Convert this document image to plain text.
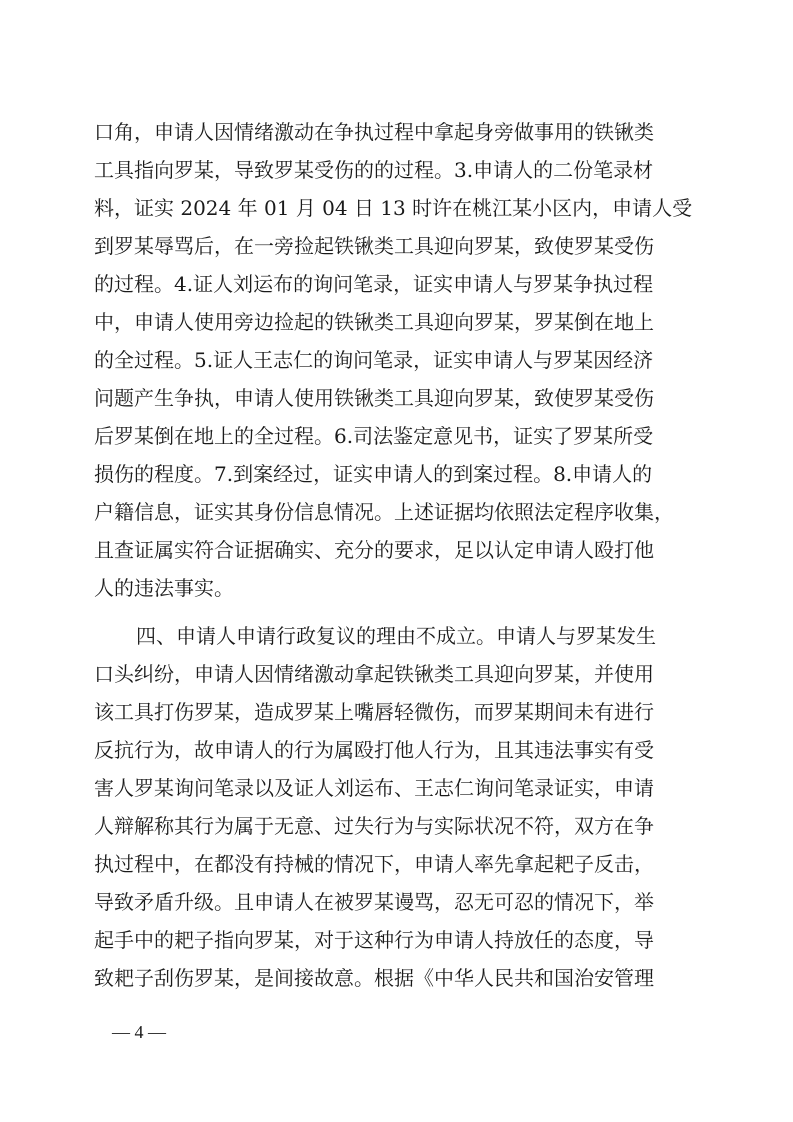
口角，申请人因情绪激动在争执过程中拿起身旁做事用的铁锹类
工具指向罗某，导致罗某受伤的的过程。3.申请人的二份笔录材
料，证实 2024 年 01 月 04 日 13 时许在桃江某小区内，申请人受
到罗某辱骂后，在一旁捡起铁锹类工具迎向罗某，致使罗某受伤
的过程。4.证人刘运布的询问笔录，证实申请人与罗某争执过程
中，申请人使用旁边捡起的铁锹类工具迎向罗某，罗某倒在地上
的全过程。5.证人王志仁的询问笔录，证实申请人与罗某因经济
问题产生争执，申请人使用铁锹类工具迎向罗某，致使罗某受伤
后罗某倒在地上的全过程。6.司法鉴定意见书，证实了罗某所受
损伤的程度。7.到案经过，证实申请人的到案过程。8.申请人的
户籍信息，证实其身份信息情况。上述证据均依照法定程序收集，
且查证属实符合证据确实、充分的要求，足以认定申请人殴打他
人的违法事实。
四、申请人申请行政复议的理由不成立。申请人与罗某发生
口头纠纷，申请人因情绪激动拿起铁锹类工具迎向罗某，并使用
该工具打伤罗某，造成罗某上嘴唇轻微伤，而罗某期间未有进行
反抗行为，故申请人的行为属殴打他人行为，且其违法事实有受
害人罗某询问笔录以及证人刘运布、王志仁询问笔录证实，申请
人辩解称其行为属于无意、过失行为与实际状况不符，双方在争
执过程中，在都没有持械的情况下，申请人率先拿起耙子反击，
导致矛盾升级。且申请人在被罗某谩骂，忍无可忍的情况下，举
起手中的耙子指向罗某，对于这种行为申请人持放任的态度，导
— 4 —
致耙子刮伤罗某，是间接故意。根据《中华人民共和国治安管理
